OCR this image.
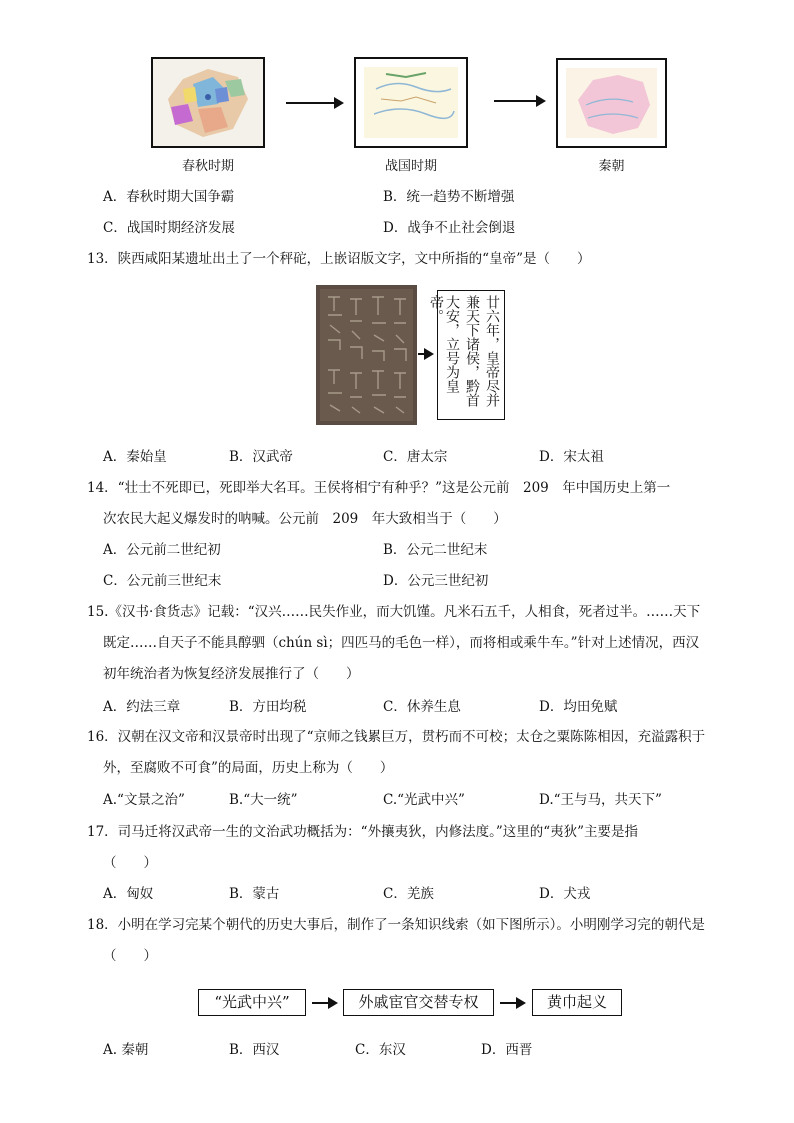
春秋时期	战国时期	秦朝
A．春秋时期大国争霸	B．统一趋势不断增强
C．战国时期经济发展	D．战争不止社会倒退
13．陕西咸阳某遗址出土了一个秤砣，上嵌诏版文字，文中所指的“皇帝”是（　　）
廿六年，皇帝尽并
兼天下诸侯，黔首
大安，立号为皇帝。
A．秦始皇	B．汉武帝	C．唐太宗	D．宋太祖
14．“壮士不死即已，死即举大名耳。王侯将相宁有种乎？”这是公元前　209　年中国历史上第一
次农民大起义爆发时的呐喊。公元前　209　年大致相当于（　　）
A．公元前二世纪初	B．公元二世纪末
C．公元前三世纪末	D．公元三世纪初
15.《汉书·食货志》记载：“汉兴……民失作业，而大饥馑。凡米石五千，人相食，死者过半。……天下
既定……自天子不能具醇驷（chún sì；四匹马的毛色一样），而将相或乘牛车。”针对上述情况，西汉
初年统治者为恢复经济发展推行了（　　）
A．约法三章	B．方田均税	C．休养生息	D．均田免赋
16．汉朝在汉文帝和汉景帝时出现了“京师之钱累巨万，贯朽而不可校；太仓之粟陈陈相因，充溢露积于
外，至腐败不可食”的局面，历史上称为（　　）
A.“文景之治”	B.“大一统”	C.“光武中兴”	D.“王与马，共天下”
17．司马迁将汉武帝一生的文治武功概括为：“外攘夷狄，内修法度。”这里的“夷狄”主要是指
（　　）
A．匈奴	B．蒙古	C．羌族	D．犬戎
18．小明在学习完某个朝代的历史大事后，制作了一条知识线索（如下图所示）。小明刚学习完的朝代是
（　　）
“光武中兴”	外戚宦官交替专权	黄巾起义
A. 秦朝	B．西汉	C．东汉	D．西晋
